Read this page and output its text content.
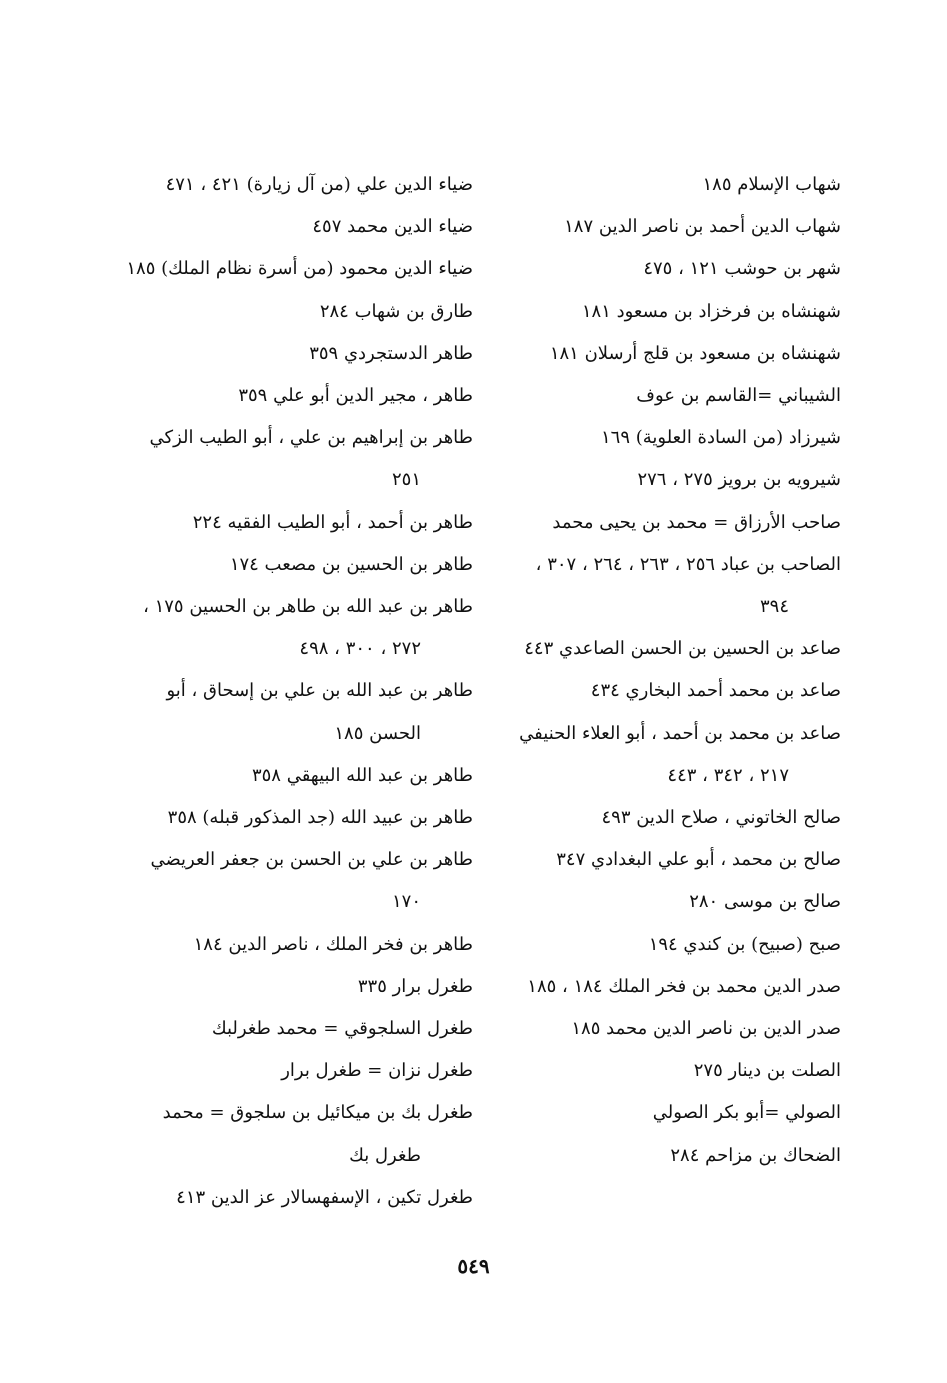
شهاب الإسلام ١٨٥
شهاب الدين أحمد بن ناصر الدين ١٨٧
شهر بن حوشب ١٢١ ، ٤٧٥
شهنشاه بن فرخزاد بن مسعود ١٨١
شهنشاه بن مسعود بن قلج أرسلان ١٨١
الشيباني =القاسم بن عوف
شيرزاد (من السادة العلوية) ١٦٩
شيرويه بن برويز ٢٧٥ ، ٢٧٦
صاحب الأرزاق = محمد بن يحيى محمد
الصاحب بن عباد ٢٥٦ ، ٢٦٣ ، ٢٦٤ ، ٣٠٧ ،
٣٩٤
صاعد بن الحسين بن الحسن الصاعدي ٤٤٣
صاعد بن محمد أحمد البخاري ٤٣٤
صاعد بن محمد بن أحمد ، أبو العلاء الحنيفي
٢١٧ ، ٣٤٢ ، ٤٤٣
صالح الخاتوني ، صلاح الدين ٤٩٣
صالح بن محمد ، أبو علي البغدادي ٣٤٧
صالح بن موسى ٢٨٠
صبح (صبيح) بن كندي ١٩٤
صدر الدين محمد بن فخر الملك ١٨٤ ، ١٨٥
صدر الدين بن ناصر الدين محمد ١٨٥
الصلت بن دينار ٢٧٥
الصولي =أبو بكر الصولي
الضحاك بن مزاحم ٢٨٤
ضياء الدين علي (من آل زيارة) ٤٢١ ، ٤٧١
ضياء الدين محمد ٤٥٧
ضياء الدين محمود (من أسرة نظام الملك) ١٨٥
طارق بن شهاب ٢٨٤
طاهر الدستجردي ٣٥٩
طاهر ، مجير الدين أبو علي ٣٥٩
طاهر بن إبراهيم بن علي ، أبو الطيب الزكي
٢٥١
طاهر بن أحمد ، أبو الطيب الفقيه ٢٢٤
طاهر بن الحسين بن مصعب ١٧٤
طاهر بن عبد الله بن طاهر بن الحسين ١٧٥ ،
٢٧٢ ، ٣٠٠ ، ٤٩٨
طاهر بن عبد الله بن علي بن إسحاق ، أبو
الحسن ١٨٥
طاهر بن عبد الله البيهقي ٣٥٨
طاهر بن عبيد الله (جد المذكور قبله) ٣٥٨
طاهر بن علي بن الحسن بن جعفر العريضي
١٧٠
طاهر بن فخر الملك ، ناصر الدين ١٨٤
طغرل برار ٣٣٥
طغرل السلجوقي = محمد طغرلبك
طغرل نزان = طغرل برار
طغرل بك بن ميكائيل بن سلجوق = محمد
طغرل بك
طغرل تكين ، الإسفهسالار عز الدين ٤١٣
٥٤٩
